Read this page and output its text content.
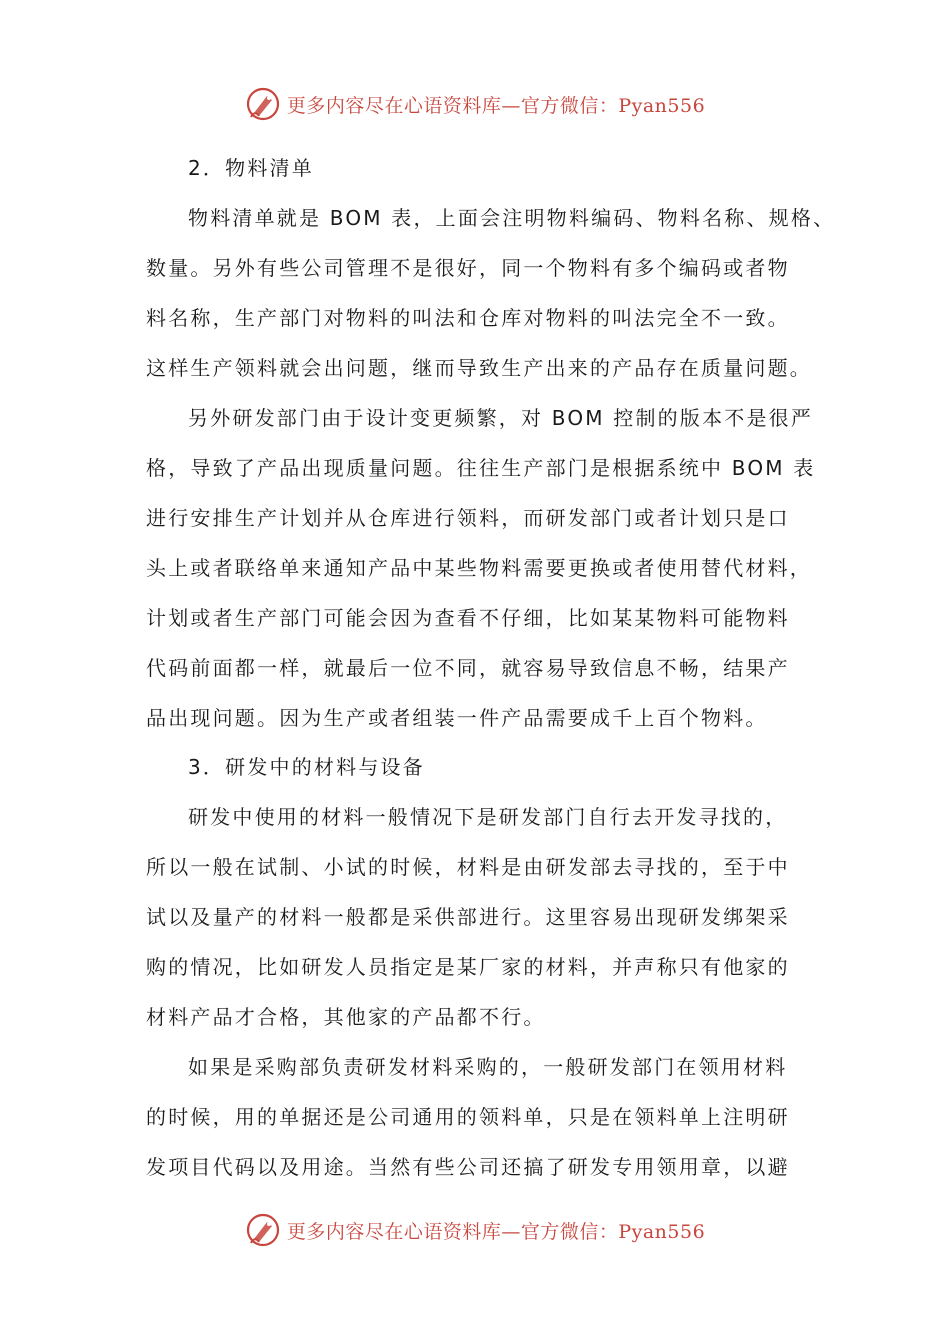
更多内容尽在心语资料库—官方微信：Pyan556
2．物料清单
物料清单就是 BOM 表，上面会注明物料编码、物料名称、规格、
数量。另外有些公司管理不是很好，同一个物料有多个编码或者物
料名称，生产部门对物料的叫法和仓库对物料的叫法完全不一致。
这样生产领料就会出问题，继而导致生产出来的产品存在质量问题。
另外研发部门由于设计变更频繁，对 BOM 控制的版本不是很严
格，导致了产品出现质量问题。往往生产部门是根据系统中 BOM 表
进行安排生产计划并从仓库进行领料，而研发部门或者计划只是口
头上或者联络单来通知产品中某些物料需要更换或者使用替代材料，
计划或者生产部门可能会因为查看不仔细，比如某某物料可能物料
代码前面都一样，就最后一位不同，就容易导致信息不畅，结果产
品出现问题。因为生产或者组装一件产品需要成千上百个物料。
3．研发中的材料与设备
研发中使用的材料一般情况下是研发部门自行去开发寻找的，
所以一般在试制、小试的时候，材料是由研发部去寻找的，至于中
试以及量产的材料一般都是采供部进行。这里容易出现研发绑架采
购的情况，比如研发人员指定是某厂家的材料，并声称只有他家的
材料产品才合格，其他家的产品都不行。
如果是采购部负责研发材料采购的，一般研发部门在领用材料
的时候，用的单据还是公司通用的领料单，只是在领料单上注明研
发项目代码以及用途。当然有些公司还搞了研发专用领用章，以避
更多内容尽在心语资料库—官方微信：Pyan556
